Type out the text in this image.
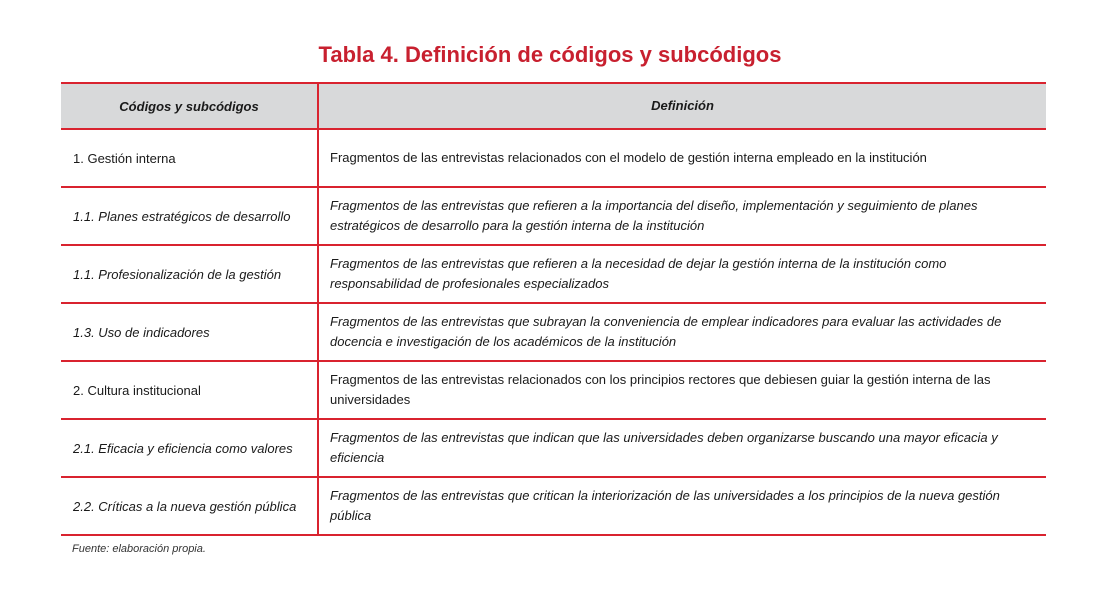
Tabla 4. Definición de códigos y subcódigos
Códigos y subcódigos	Definición
1. Gestión interna	Fragmentos de las entrevistas relacionados con el modelo de gestión interna empleado en la institución
1.1. Planes estratégicos de desarrollo
Fragmentos de las entrevistas que refieren a la importancia del diseño, implementación y seguimiento de planes estratégicos de desarrollo para la gestión interna de la institución
1.1. Profesionalización de la gestión
Fragmentos de las entrevistas que refieren a la necesidad de dejar la gestión interna de la institución como responsabilidad de profesionales especializados
1.3. Uso de indicadores
Fragmentos de las entrevistas que subrayan la conveniencia de emplear indicadores para evaluar las actividades de docencia e investigación de los académicos de la institución
2. Cultura institucional
Fragmentos de las entrevistas relacionados con los principios rectores que debiesen guiar la gestión interna de las universidades
2.1. Eficacia y eficiencia como valores
Fragmentos de las entrevistas que indican que las universidades deben organizarse buscando una mayor eficacia y eficiencia
2.2. Críticas a la nueva gestión pública
Fragmentos de las entrevistas que critican la interiorización de las universidades a los principios de la nueva gestión pública
Fuente: elaboración propia.
